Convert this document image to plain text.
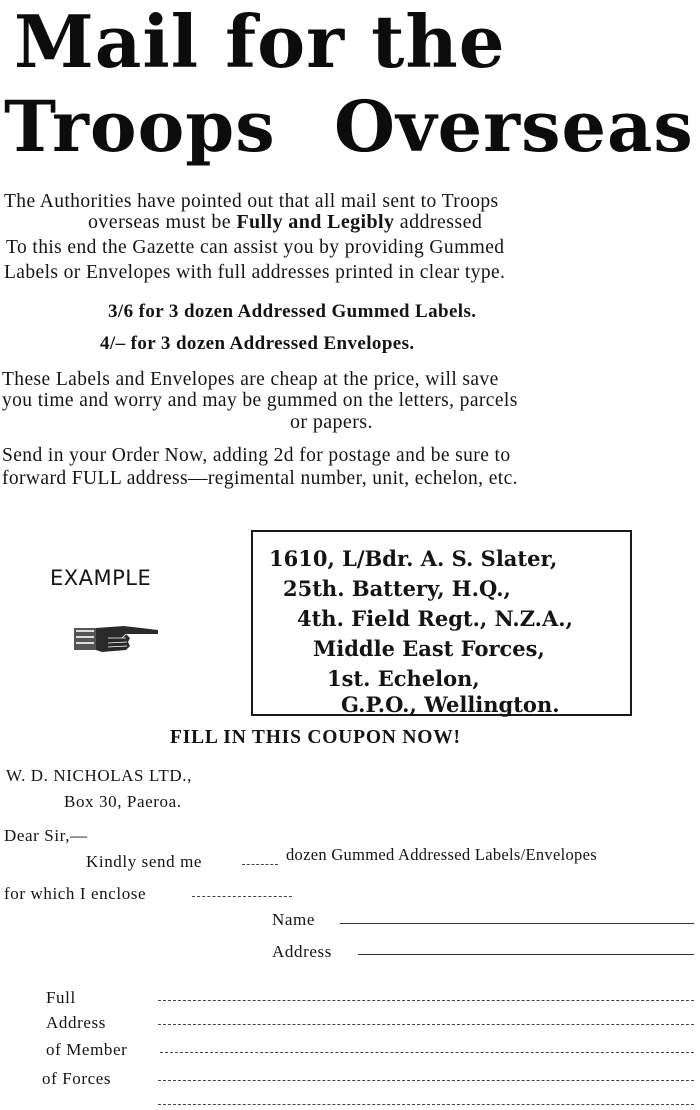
Mail for the
Troops Overseas
The Authorities have pointed out that all mail sent to Troops
overseas must be Fully and Legibly addressed
To this end the Gazette can assist you by providing Gummed
Labels or Envelopes with full addresses printed in clear type.
3/6 for 3 dozen Addressed Gummed Labels.
4/– for 3 dozen Addressed Envelopes.
These Labels and Envelopes are cheap at the price, will save
you time and worry and may be gummed on the letters, parcels
or papers.
Send in your Order Now, adding 2d for postage and be sure to
forward FULL address—regimental number, unit, echelon, etc.
EXAMPLE
1610, L/Bdr. A. S. Slater,
25th. Battery, H.Q.,
4th. Field Regt., N.Z.A.,
Middle East Forces,
1st. Echelon,
G.P.O., Wellington.
FILL IN THIS COUPON NOW!
W. D. NICHOLAS LTD.,
Box 30, Paeroa.
Dear Sir,—
Kindly send me	dozen Gummed Addressed Labels/Envelopes
for which I enclose
Name
Address
Full
Address
of Member
of Forces
